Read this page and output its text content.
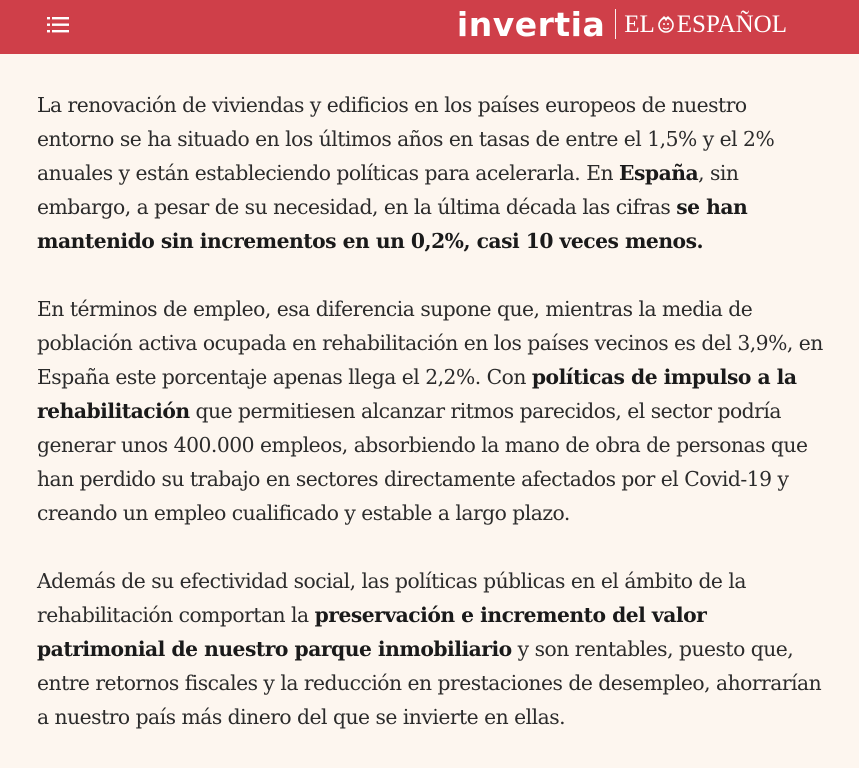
invertia EL ESPAÑOL

La renovación de viviendas y edificios en los países europeos de nuestro entorno se ha situado en los últimos años en tasas de entre el 1,5% y el 2% anuales y están estableciendo políticas para acelerarla. En España, sin embargo, a pesar de su necesidad, en la última década las cifras se han mantenido sin incrementos en un 0,2%, casi 10 veces menos.

En términos de empleo, esa diferencia supone que, mientras la media de población activa ocupada en rehabilitación en los países vecinos es del 3,9%, en España este porcentaje apenas llega el 2,2%. Con políticas de impulso a la rehabilitación que permitiesen alcanzar ritmos parecidos, el sector podría generar unos 400.000 empleos, absorbiendo la mano de obra de personas que han perdido su trabajo en sectores directamente afectados por el Covid-19 y creando un empleo cualificado y estable a largo plazo.

Además de su efectividad social, las políticas públicas en el ámbito de la rehabilitación comportan la preservación e incremento del valor patrimonial de nuestro parque inmobiliario y son rentables, puesto que, entre retornos fiscales y la reducción en prestaciones de desempleo, ahorrarían a nuestro país más dinero del que se invierte en ellas.
